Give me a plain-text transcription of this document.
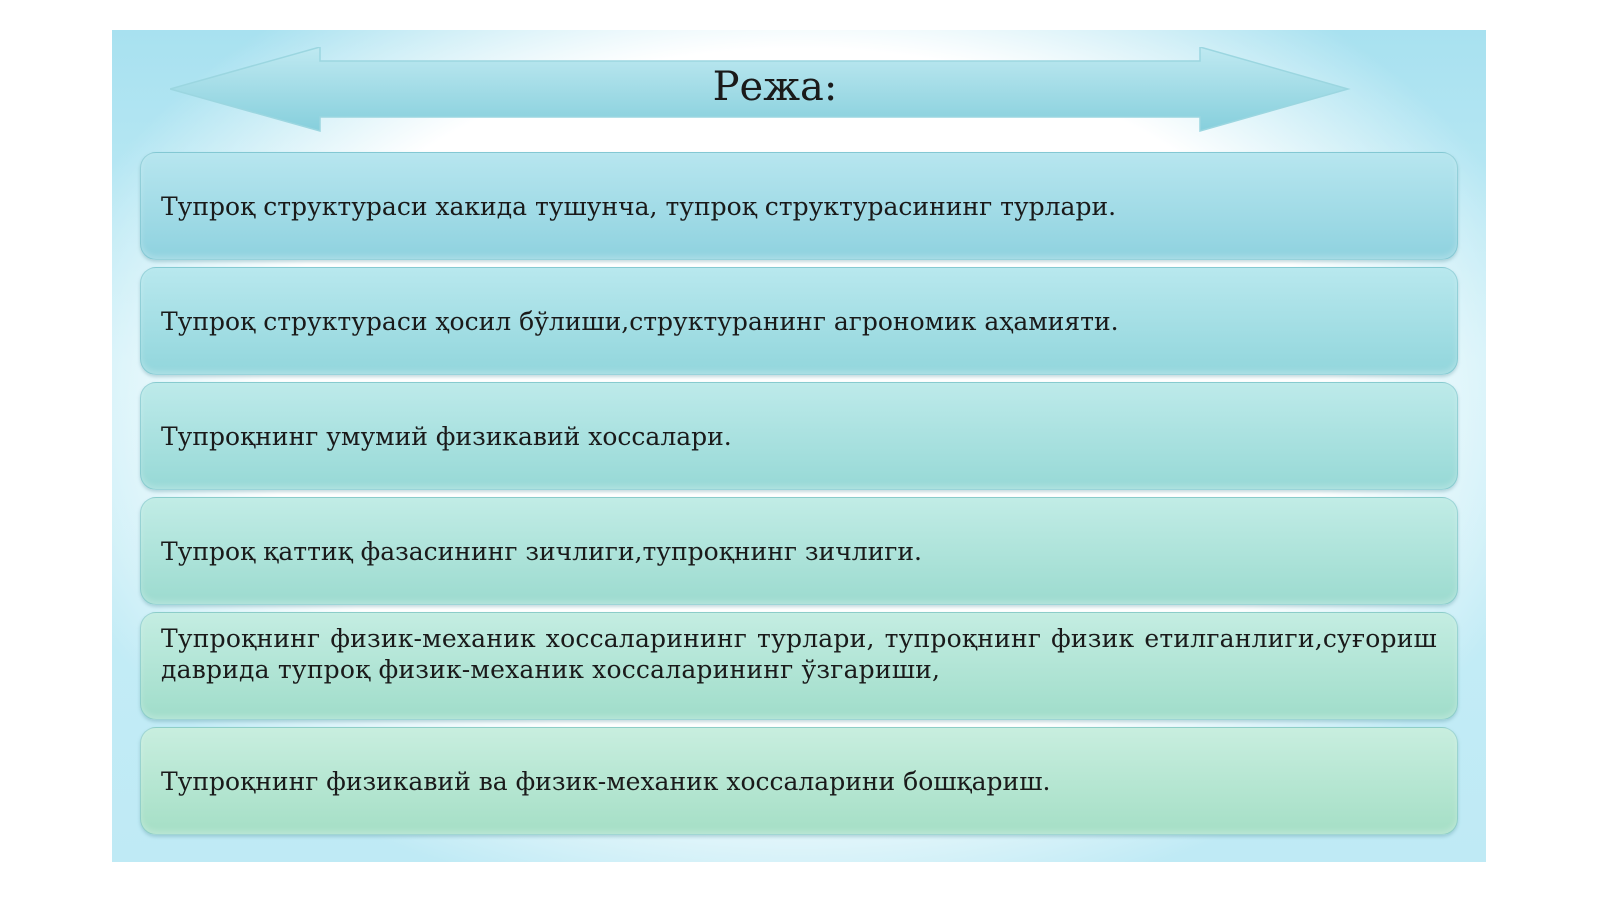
Режа:
Тупроқ структураси хакида тушунча, тупроқ структурасининг турлари.
Тупроқ структураси ҳосил бўлиши,структуранинг агрономик аҳамияти.
Тупроқнинг умумий физикавий хоссалари.
Тупроқ қаттиқ фазасининг зичлиги,тупроқнинг зичлиги.
Тупроқнинг физик-механик хоссаларининг турлари, тупроқнинг физик етилганлиги,суғориш даврида тупроқ физик-механик хоссаларининг ўзгариши,
Тупроқнинг физикавий ва физик-механик хоссаларини бошқариш.
